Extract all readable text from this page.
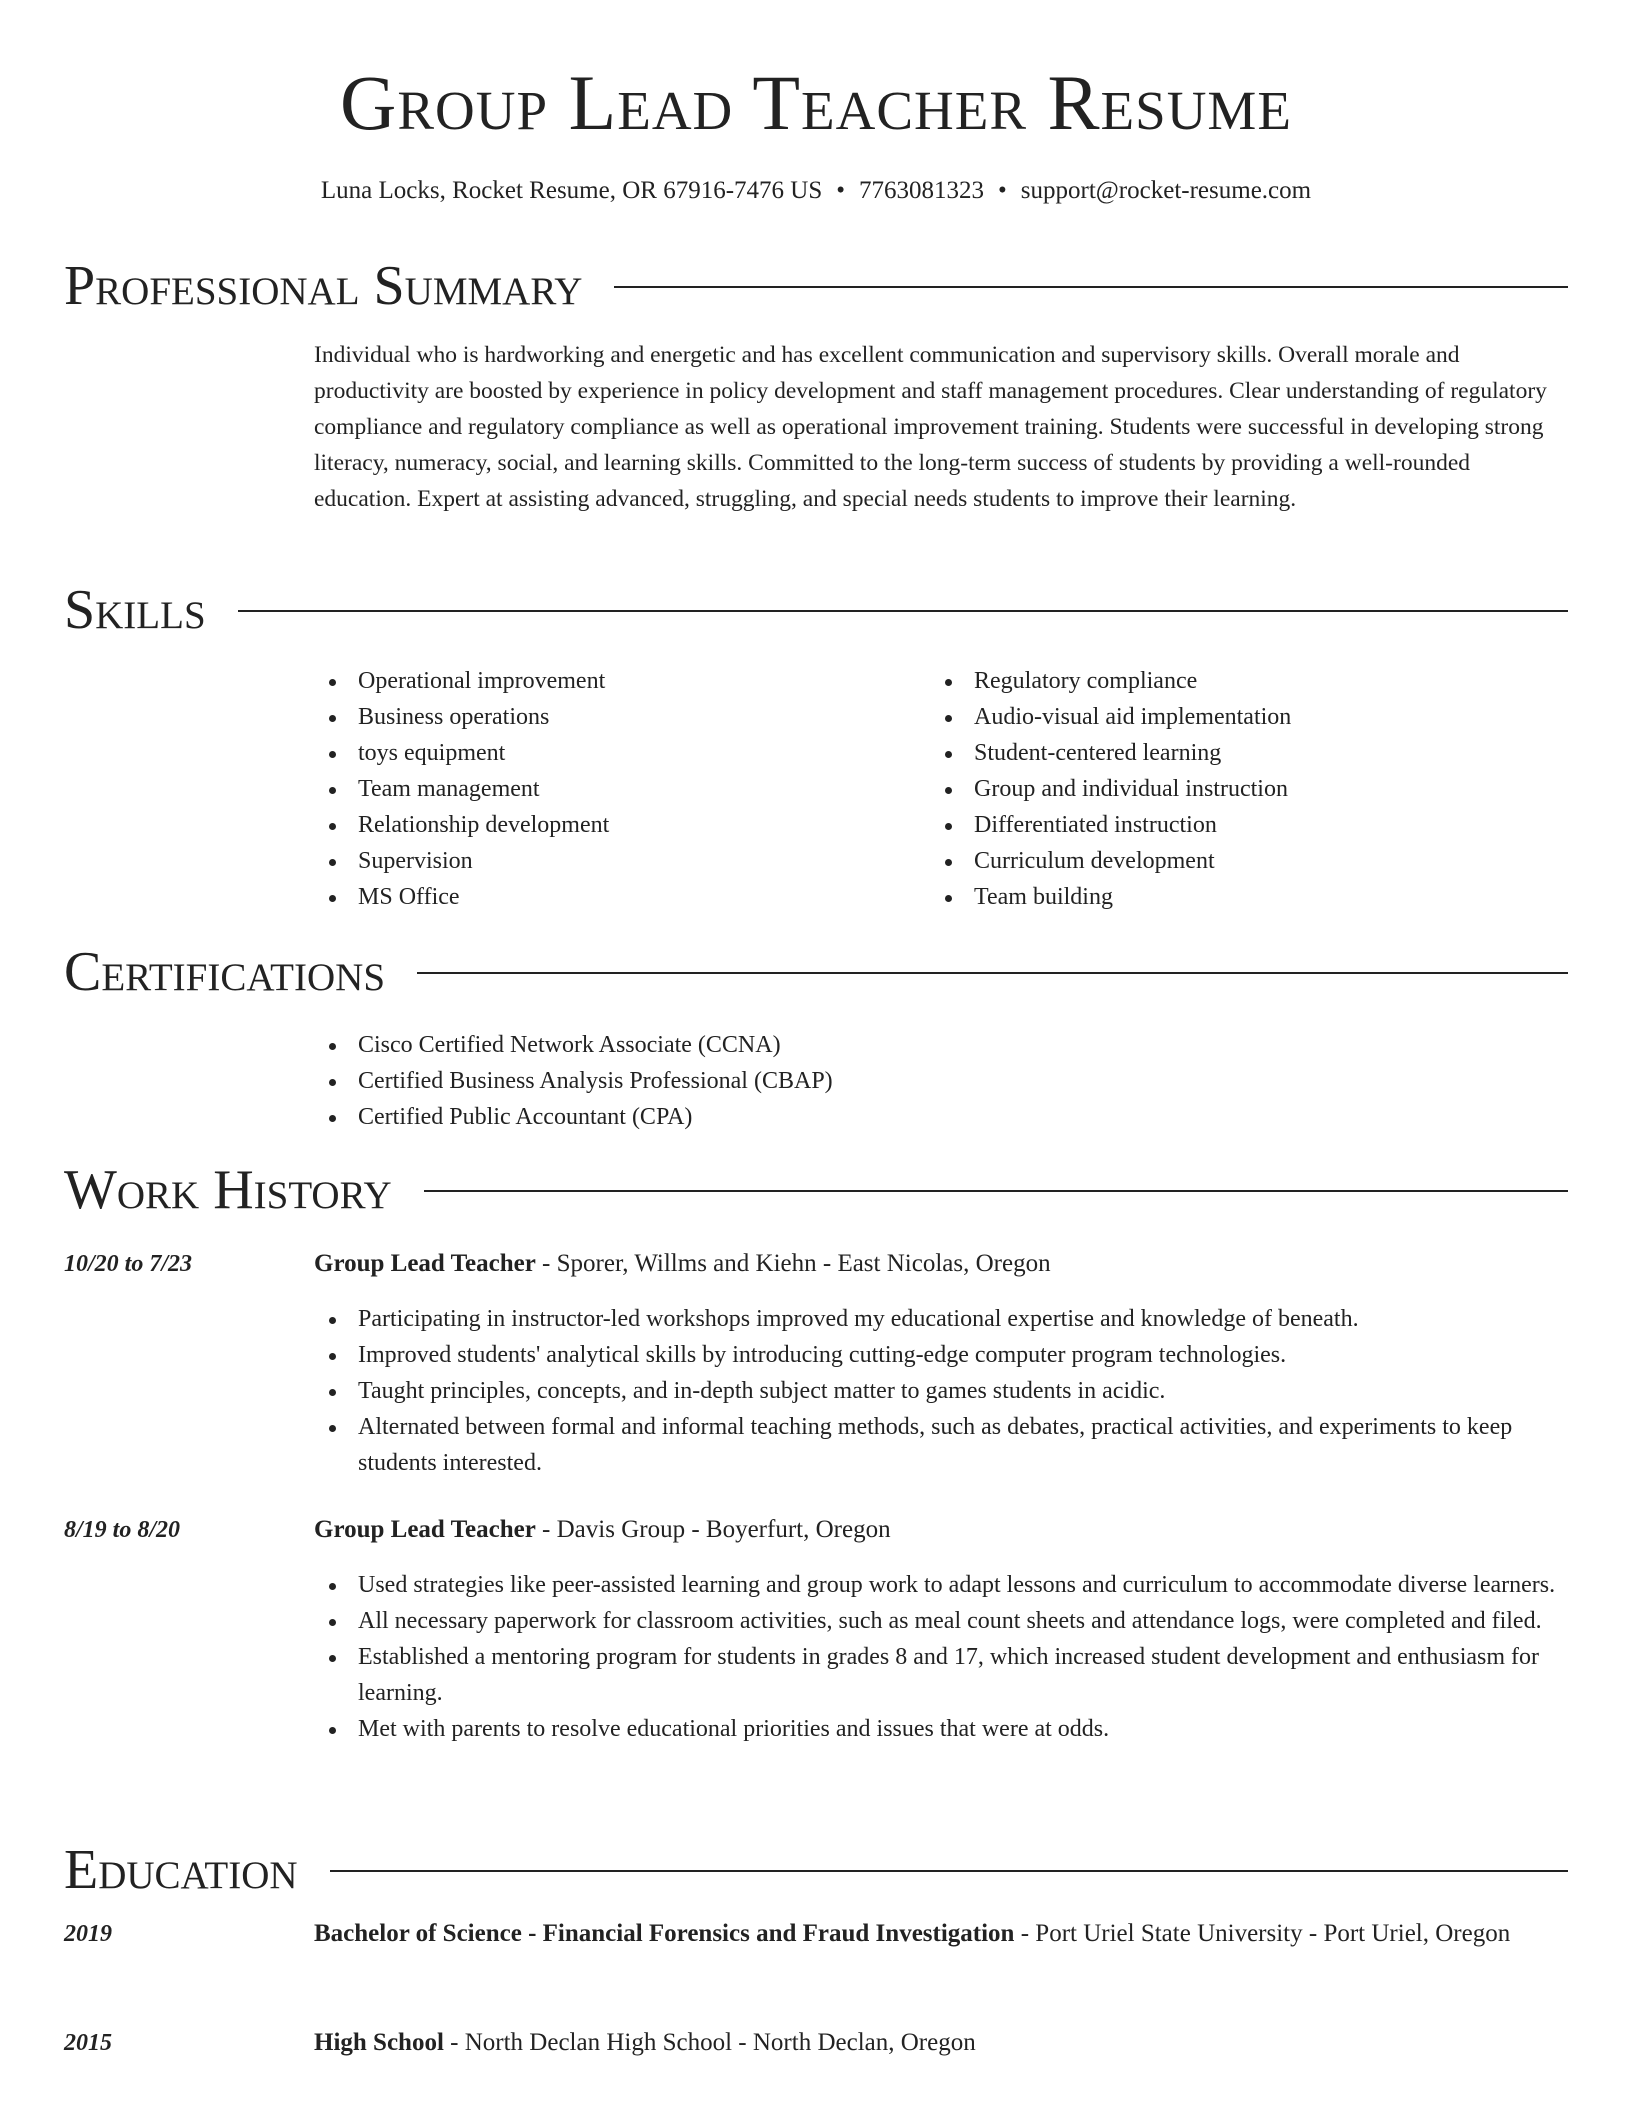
Group Lead Teacher Resume
Luna Locks, Rocket Resume, OR 67916-7476 US • 7763081323 • support@rocket-resume.com
Professional Summary

Individual who is hardworking and energetic and has excellent communication and supervisory skills. Overall morale and productivity are boosted by experience in policy development and staff management procedures. Clear understanding of regulatory compliance and regulatory compliance as well as operational improvement training. Students were successful in developing strong literacy, numeracy, social, and learning skills. Committed to the long-term success of students by providing a well-rounded education. Expert at assisting advanced, struggling, and special needs students to improve their learning.

Skills
Operational improvement
Business operations
toys equipment
Team management
Relationship development
Supervision
MS Office
Regulatory compliance
Audio-visual aid implementation
Student-centered learning
Group and individual instruction
Differentiated instruction
Curriculum development
Team building
Certifications
Cisco Certified Network Associate (CCNA)
Certified Business Analysis Professional (CBAP)
Certified Public Accountant (CPA)
Work History
10/20 to 7/23	Group Lead Teacher - Sporer, Willms and Kiehn - East Nicolas, Oregon
Participating in instructor-led workshops improved my educational expertise and knowledge of beneath.
Improved students' analytical skills by introducing cutting-edge computer program technologies.
Taught principles, concepts, and in-depth subject matter to games students in acidic.
Alternated between formal and informal teaching methods, such as debates, practical activities, and experiments to keep students interested.
8/19 to 8/20	Group Lead Teacher - Davis Group - Boyerfurt, Oregon
Used strategies like peer-assisted learning and group work to adapt lessons and curriculum to accommodate diverse learners.
All necessary paperwork for classroom activities, such as meal count sheets and attendance logs, were completed and filed.
Established a mentoring program for students in grades 8 and 17, which increased student development and enthusiasm for learning.
Met with parents to resolve educational priorities and issues that were at odds.
Education
2019	Bachelor of Science - Financial Forensics and Fraud Investigation - Port Uriel State University - Port Uriel, Oregon
2015	High School - North Declan High School - North Declan, Oregon
